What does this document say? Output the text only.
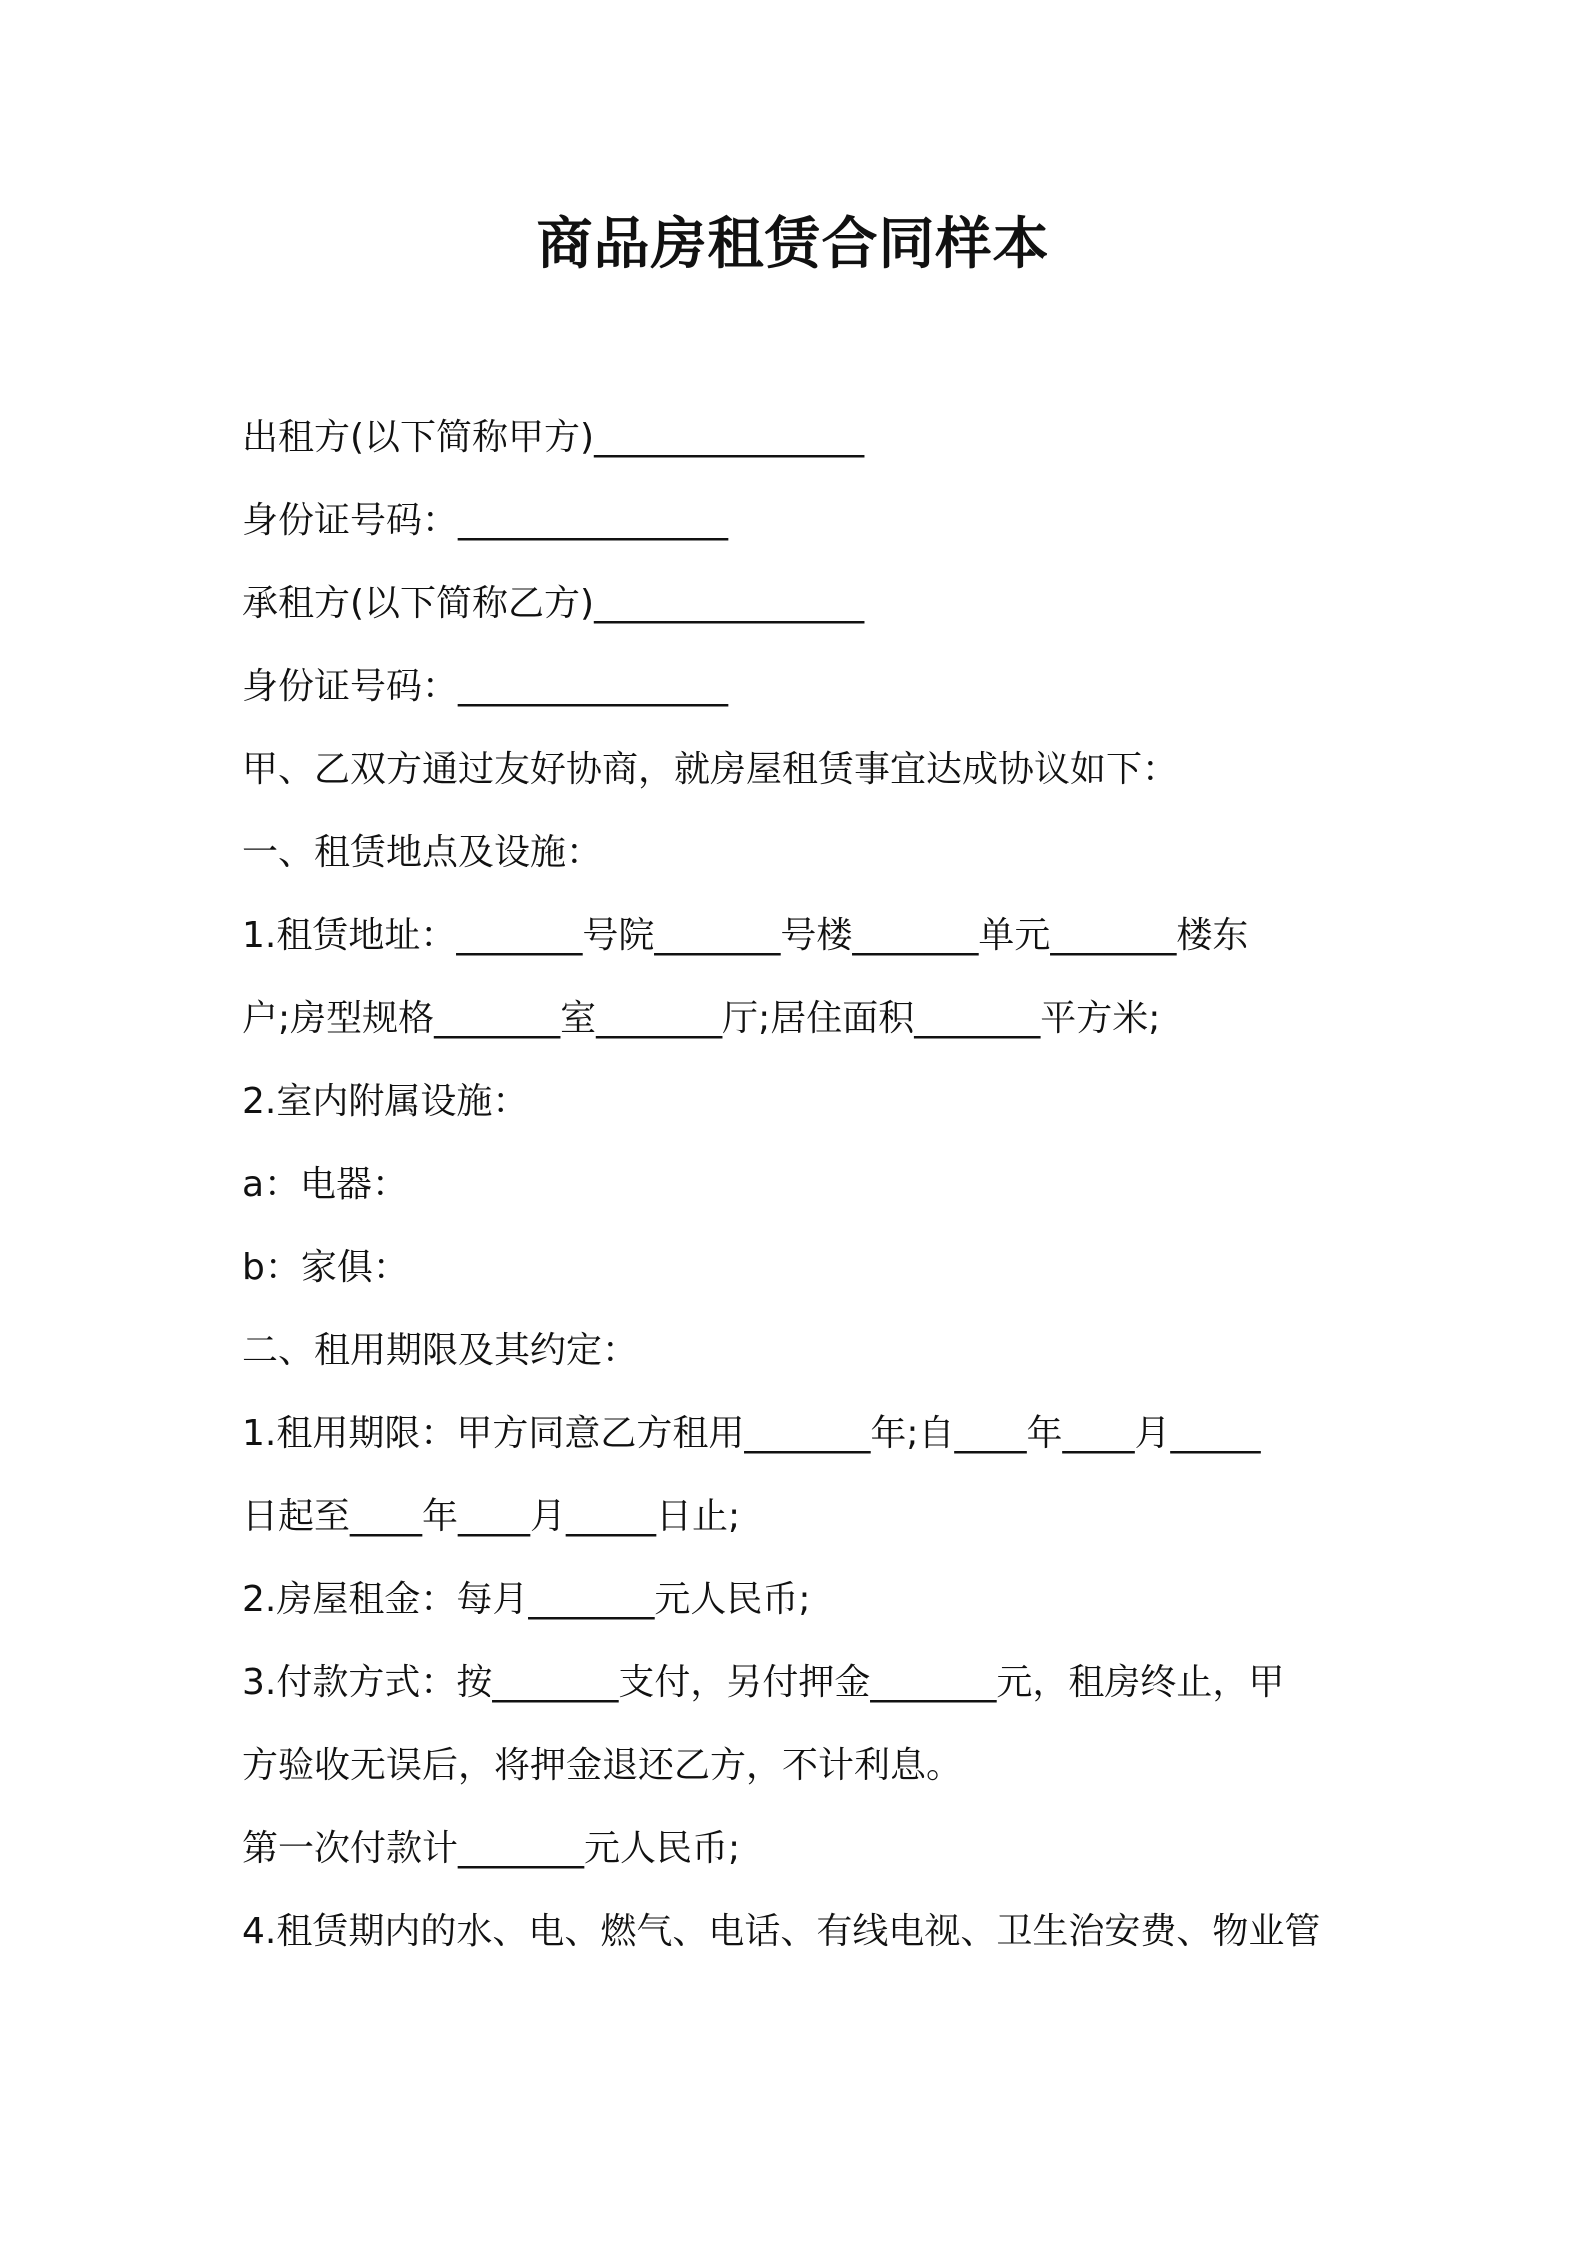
商品房租赁合同样本
出租方(以下简称甲方)_______________
身份证号码：_______________
承租方(以下简称乙方)_______________
身份证号码：_______________
甲、乙双方通过友好协商，就房屋租赁事宜达成协议如下：
一、租赁地点及设施：
1.租赁地址：_______号院_______号楼_______单元_______楼东
户;房型规格_______室_______厅;居住面积_______平方米;
2.室内附属设施：
a：电器：
b：家俱：
二、租用期限及其约定：
1.租用期限：甲方同意乙方租用_______年;自____年____月_____
日起至____年____月_____日止;
2.房屋租金：每月_______元人民币;
3.付款方式：按_______支付，另付押金_______元，租房终止，甲
方验收无误后，将押金退还乙方，不计利息。
第一次付款计_______元人民币;
4.租赁期内的水、电、燃气、电话、有线电视、卫生治安费、物业管
